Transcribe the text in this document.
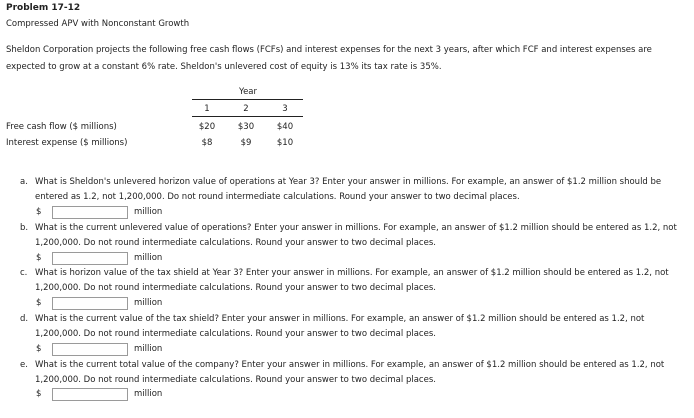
Problem 17-12
Compressed APV with Nonconstant Growth
Sheldon Corporation projects the following free cash flows (FCFs) and interest expenses for the next 3 years, after which FCF and interest expenses are
expected to grow at a constant 6% rate. Sheldon's unlevered cost of equity is 13% its tax rate is 35%.
Year
1	2	3
Free cash flow ($ millions)	$20	$30	$40
Interest expense ($ millions)	$8	$9	$10
a. What is Sheldon's unlevered horizon value of operations at Year 3? Enter your answer in millions. For example, an answer of $1.2 million should be entered as 1.2, not 1,200,000. Do not round intermediate calculations. Round your answer to two decimal places.
$	million
b. What is the current unlevered value of operations? Enter your answer in millions. For example, an answer of $1.2 million should be entered as 1.2, not 1,200,000. Do not round intermediate calculations. Round your answer to two decimal places.
$	million
c. What is horizon value of the tax shield at Year 3? Enter your answer in millions. For example, an answer of $1.2 million should be entered as 1.2, not 1,200,000. Do not round intermediate calculations. Round your answer to two decimal places.
$	million
d. What is the current value of the tax shield? Enter your answer in millions. For example, an answer of $1.2 million should be entered as 1.2, not 1,200,000. Do not round intermediate calculations. Round your answer to two decimal places.
$	million
e. What is the current total value of the company? Enter your answer in millions. For example, an answer of $1.2 million should be entered as 1.2, not 1,200,000. Do not round intermediate calculations. Round your answer to two decimal places.
$	million
